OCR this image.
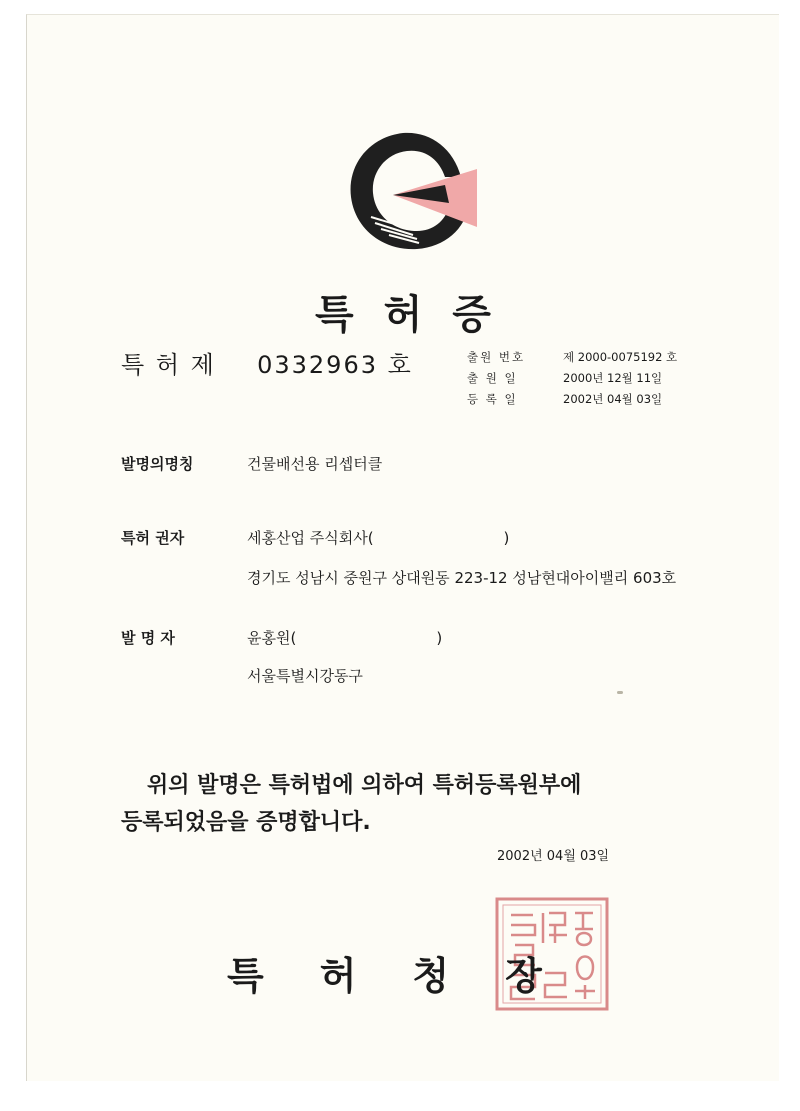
특허증
특 허 제 0332963 호	출원 번호	제 2000-0075192 호
출 원 일	2000년 12월 11일
등 록 일	2002년 04월 03일
발명의명칭	건물배선용 리셉터클
특허 권자	세홍산업 주식회사(	)
경기도 성남시 중원구 상대원동 223-12 성남현대아이밸리 603호
발 명 자	윤홍원(	)
서울특별시강동구
위의 발명은 특허법에 의하여 특허등록원부에
등록되었음을 증명합니다.
2002년 04월 03일
특허청장
